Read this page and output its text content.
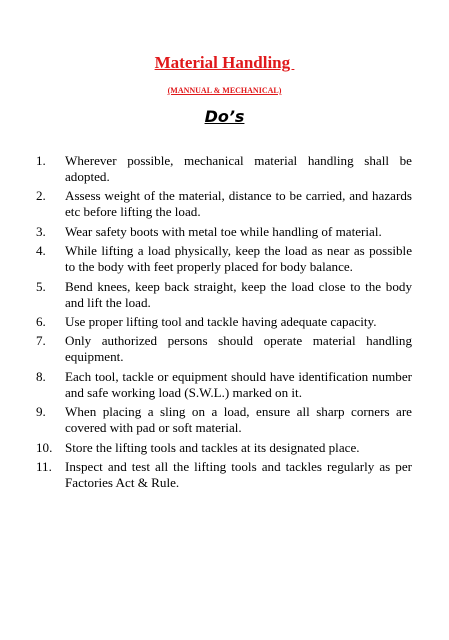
Material Handling
(MANNUAL & MECHANICAL)
Do’s
1.	Wherever possible, mechanical material handling shall be adopted.
2.	Assess weight of the material, distance to be carried, and hazards etc before lifting the load.
3.	Wear safety boots with metal toe while handling of material.
4.	While lifting a load physically, keep the load as near as possible to the body with feet properly placed for body balance.
5.	Bend knees, keep back straight, keep the load close to the body and lift the load.
6.	Use proper lifting tool and tackle having adequate capacity.
7.	Only authorized persons should operate material handling equipment.
8.	Each tool, tackle or equipment should have identification number and safe working load (S.W.L.) marked on it.
9.	When placing a sling on a load, ensure all sharp corners are covered with pad or soft material.
10. Store the lifting tools and tackles at its designated place.
11.	Inspect and test all the lifting tools and tackles regularly as per Factories Act & Rule.
